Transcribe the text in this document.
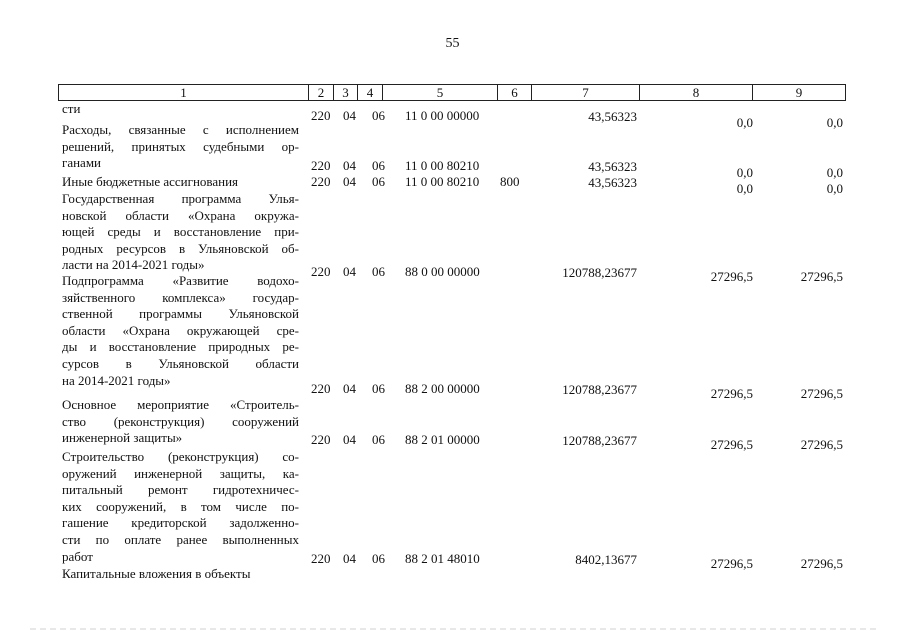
55
1	2	3	4	5	6	7	8	9
сти	220 04 06 11 0 00 00000	43,56323	0,0	0,0
Расходы, связанные с исполнением
решений, принятых судебными ор-
ганами	220 04 06 11 0 00 80210	43,56323	0,0	0,0
Иные бюджетные ассигнования	220 04 06 11 0 00 80210 800	43,56323	0,0	0,0
Государственная программа Улья-
новской области «Охрана окружа-
ющей среды и восстановление при-
родных ресурсов в Ульяновской об-
ласти на 2014-2021 годы»	220 04 06 88 0 00 00000	120788,23677	27296,5	27296,5
Подпрограмма «Развитие водохо-
зяйственного комплекса» государ-
ственной программы Ульяновской
области «Охрана окружающей сре-
ды и восстановление природных ре-
сурсов в Ульяновской области
на 2014-2021 годы»
220 04 06 88 2 00 00000	120788,23677	27296,5	27296,5
Основное мероприятие «Строитель-
ство (реконструкция) сооружений
инженерной защиты»	220 04 06 88 2 01 00000	120788,23677	27296,5	27296,5
Строительство (реконструкция) со-
оружений инженерной защиты, ка-
питальный ремонт гидротехничес-
ких сооружений, в том числе по-
гашение кредиторской задолженно-
сти по оплате ранее выполненных
работ	220 04 06 88 2 01 48010	8402,13677	27296,5	27296,5
Капитальные вложения в объекты
